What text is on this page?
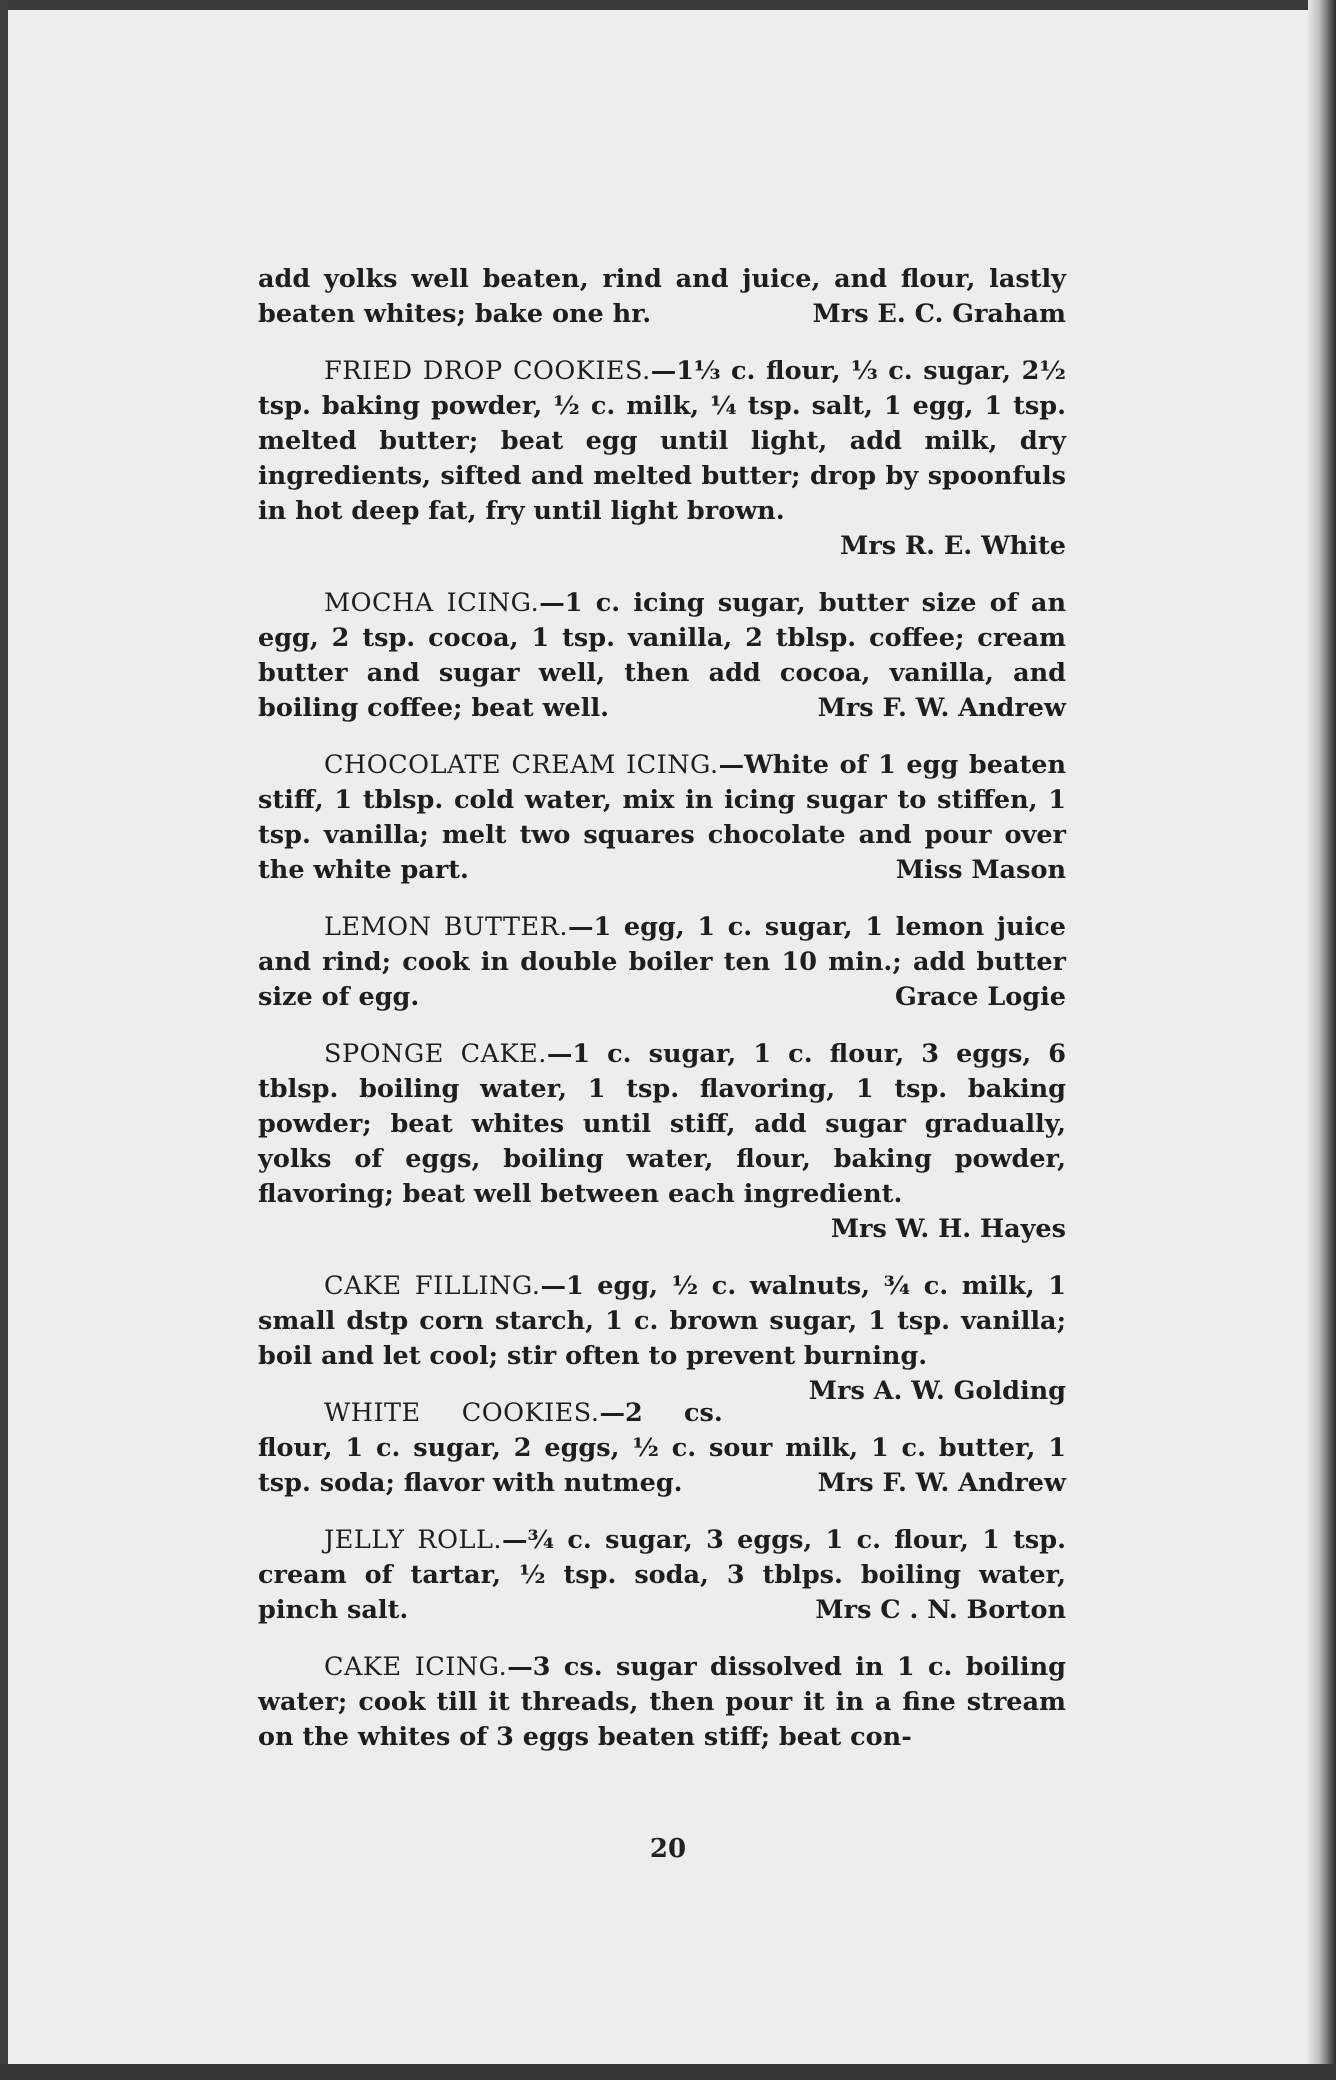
add yolks well beaten, rind and juice, and flour, lastly beaten whites; bake one hr.	Mrs E. C. Graham

FRIED DROP COOKIES.—1⅓ c. flour, ⅓ c. sugar, 2½ tsp. baking powder, ½ c. milk, ¼ tsp. salt, 1 egg, 1 tsp. melted butter; beat egg until light, add milk, dry ingredients, sifted and melted butter; drop by spoonfuls in hot deep fat, fry until light brown.
Mrs R. E. White

MOCHA ICING.—1 c. icing sugar, butter size of an egg, 2 tsp. cocoa, 1 tsp. vanilla, 2 tblsp. coffee; cream butter and sugar well, then add cocoa, vanilla, and boiling coffee; beat well.	Mrs F. W. Andrew

CHOCOLATE CREAM ICING.—White of 1 egg beaten stiff, 1 tblsp. cold water, mix in icing sugar to stiffen, 1 tsp. vanilla; melt two squares chocolate and pour over the white part.	Miss Mason

LEMON BUTTER.—1 egg, 1 c. sugar, 1 lemon juice and rind; cook in double boiler ten 10 min.; add butter size of egg.	Grace Logie

SPONGE CAKE.—1 c. sugar, 1 c. flour, 3 eggs, 6 tblsp. boiling water, 1 tsp. flavoring, 1 tsp. baking powder; beat whites until stiff, add sugar gradually, yolks of eggs, boiling water, flour, baking powder, flavoring; beat well between each ingredient.
Mrs W. H. Hayes

CAKE FILLING.—1 egg, ½ c. walnuts, ¾ c. milk, 1 small dstp corn starch, 1 c. brown sugar, 1 tsp. vanilla; boil and let cool; stir often to prevent burning.
Mrs A. W. Golding

WHITE COOKIES.—2 cs. flour, 1 c. sugar, 2 eggs, ½ c. sour milk, 1 c. butter, 1 tsp. soda; flavor with nutmeg.	Mrs F. W. Andrew

JELLY ROLL.—¾ c. sugar, 3 eggs, 1 c. flour, 1 tsp. cream of tartar, ½ tsp. soda, 3 tblps. boiling water, pinch salt.	Mrs C . N. Borton

CAKE ICING.—3 cs. sugar dissolved in 1 c. boiling water; cook till it threads, then pour it in a fine stream on the whites of 3 eggs beaten stiff; beat con-

20
